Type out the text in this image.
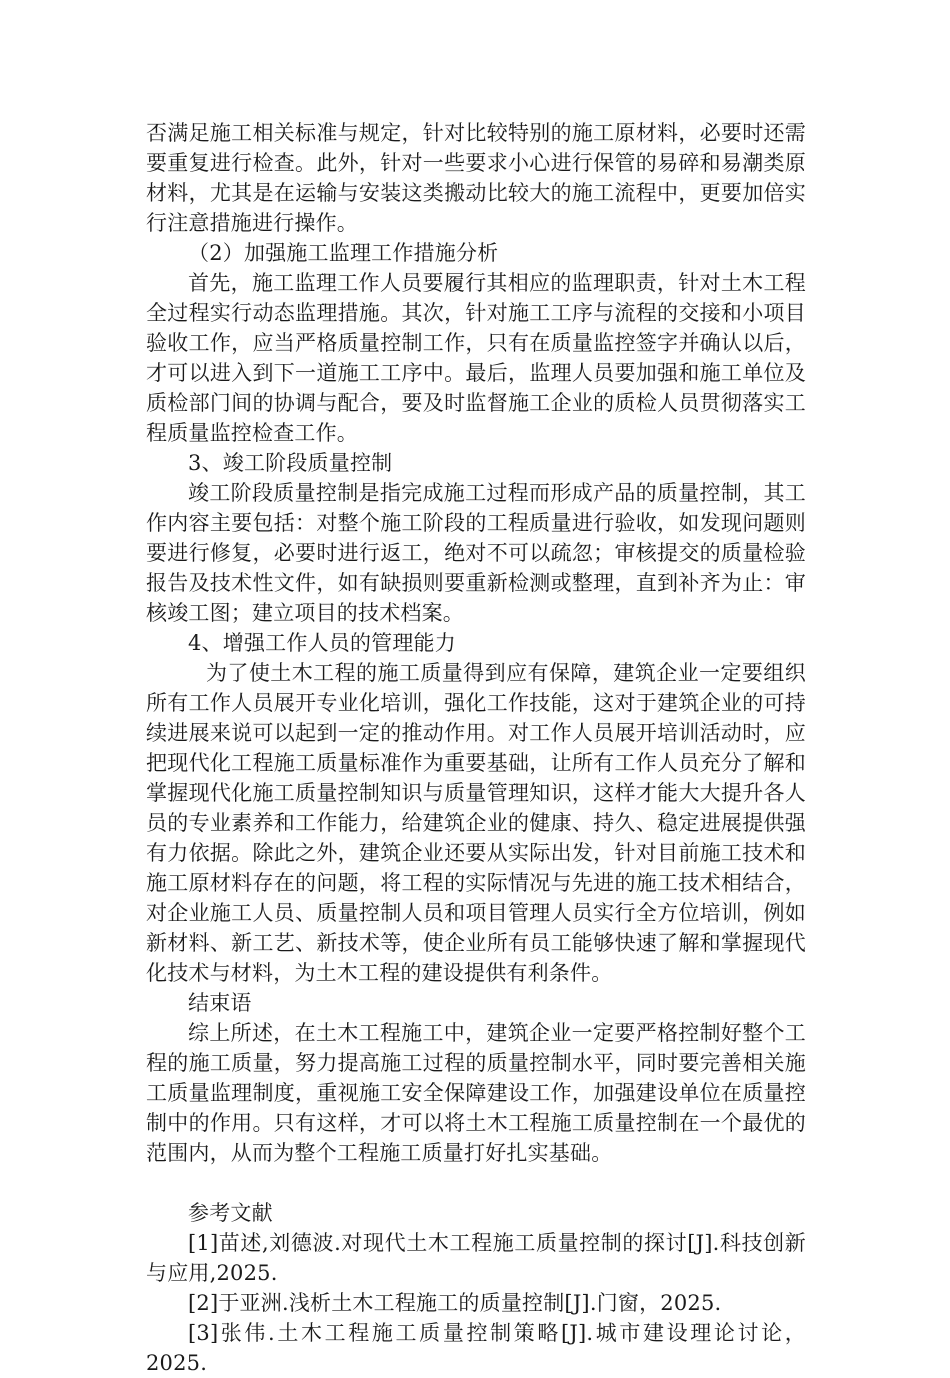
否满足施工相关标准与规定，针对比较特别的施工原材料，必要时还需要重复进行检查。此外，针对一些要求小心进行保管的易碎和易潮类原材料，尤其是在运输与安装这类搬动比较大的施工流程中，更要加倍实行注意措施进行操作。

（2）加强施工监理工作措施分析

首先，施工监理工作人员要履行其相应的监理职责，针对土木工程全过程实行动态监理措施。其次，针对施工工序与流程的交接和小项目验收工作，应当严格质量控制工作，只有在质量监控签字并确认以后，才可以进入到下一道施工工序中。最后，监理人员要加强和施工单位及质检部门间的协调与配合，要及时监督施工企业的质检人员贯彻落实工程质量监控检查工作。

3、竣工阶段质量控制

竣工阶段质量控制是指完成施工过程而形成产品的质量控制，其工作内容主要包括：对整个施工阶段的工程质量进行验收，如发现问题则要进行修复，必要时进行返工，绝对不可以疏忽；审核提交的质量检验报告及技术性文件，如有缺损则要重新检测或整理，直到补齐为止：审核竣工图；建立项目的技术档案。

4、增强工作人员的管理能力

为了使土木工程的施工质量得到应有保障，建筑企业一定要组织所有工作人员展开专业化培训，强化工作技能，这对于建筑企业的可持续进展来说可以起到一定的推动作用。对工作人员展开培训活动时，应把现代化工程施工质量标准作为重要基础，让所有工作人员充分了解和掌握现代化施工质量控制知识与质量管理知识，这样才能大大提升各人员的专业素养和工作能力，给建筑企业的健康、持久、稳定进展提供强有力依据。除此之外，建筑企业还要从实际出发，针对目前施工技术和施工原材料存在的问题，将工程的实际情况与先进的施工技术相结合，对企业施工人员、质量控制人员和项目管理人员实行全方位培训，例如新材料、新工艺、新技术等，使企业所有员工能够快速了解和掌握现代化技术与材料，为土木工程的建设提供有利条件。

结束语

综上所述，在土木工程施工中，建筑企业一定要严格控制好整个工程的施工质量，努力提高施工过程的质量控制水平，同时要完善相关施工质量监理制度，重视施工安全保障建设工作，加强建设单位在质量控制中的作用。只有这样，才可以将土木工程施工质量控制在一个最优的范围内，从而为整个工程施工质量打好扎实基础。

参考文献

[1]苗述,刘德波.对现代土木工程施工质量控制的探讨[J].科技创新与应用,2025.

[2]于亚洲.浅析土木工程施工的质量控制[J].门窗，2025.

[3]张伟.土木工程施工质量控制策略[J].城市建设理论讨论，2025.
